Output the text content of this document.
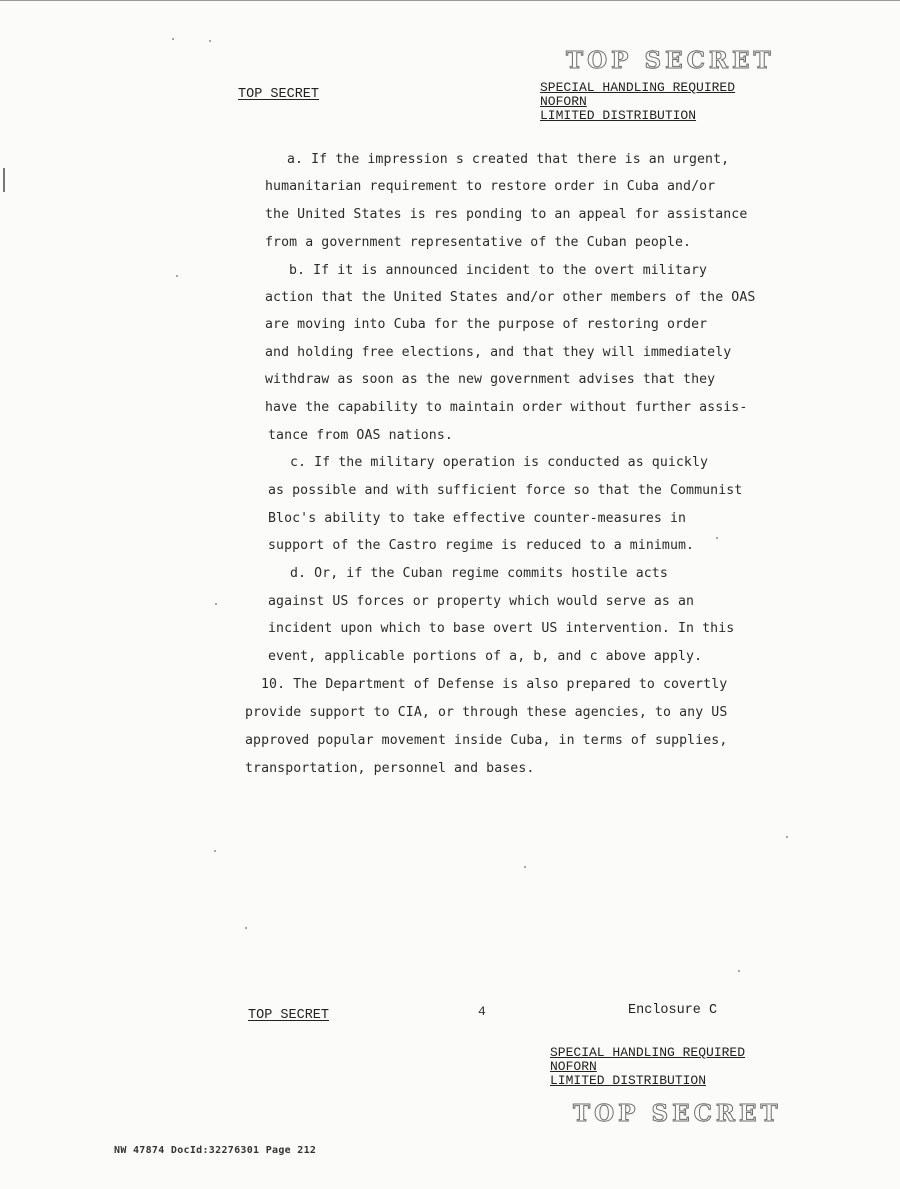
TOP SECRET
TOP SECRET	SPECIAL HANDLING REQUIRED
NOFORN
LIMITED DISTRIBUTION
a. If the impression s created that there is an urgent,
humanitarian requirement to restore order in Cuba and/or
the United States is res ponding to an appeal for assistance
from a government representative of the Cuban people.
b. If it is announced incident to the overt military
action that the United States and/or other members of the OAS
are moving into Cuba for the purpose of restoring order
and holding free elections, and that they will immediately
withdraw as soon as the new government advises that they
have the capability to maintain order without further assis-
tance from OAS nations.
c. If the military operation is conducted as quickly
as possible and with sufficient force so that the Communist
Bloc's ability to take effective counter-measures in
support of the Castro regime is reduced to a minimum.
d. Or, if the Cuban regime commits hostile acts
against US forces or property which would serve as an
incident upon which to base overt US intervention. In this
event, applicable portions of a, b, and c above apply.
10. The Department of Defense is also prepared to covertly
provide support to CIA, or through these agencies, to any US
approved popular movement inside Cuba, in terms of supplies,
transportation, personnel and bases.
TOP SECRET	4	Enclosure C
SPECIAL HANDLING REQUIRED
NOFORN
LIMITED DISTRIBUTION
TOP SECRET
NW 47874 DocId:32276301 Page 212
